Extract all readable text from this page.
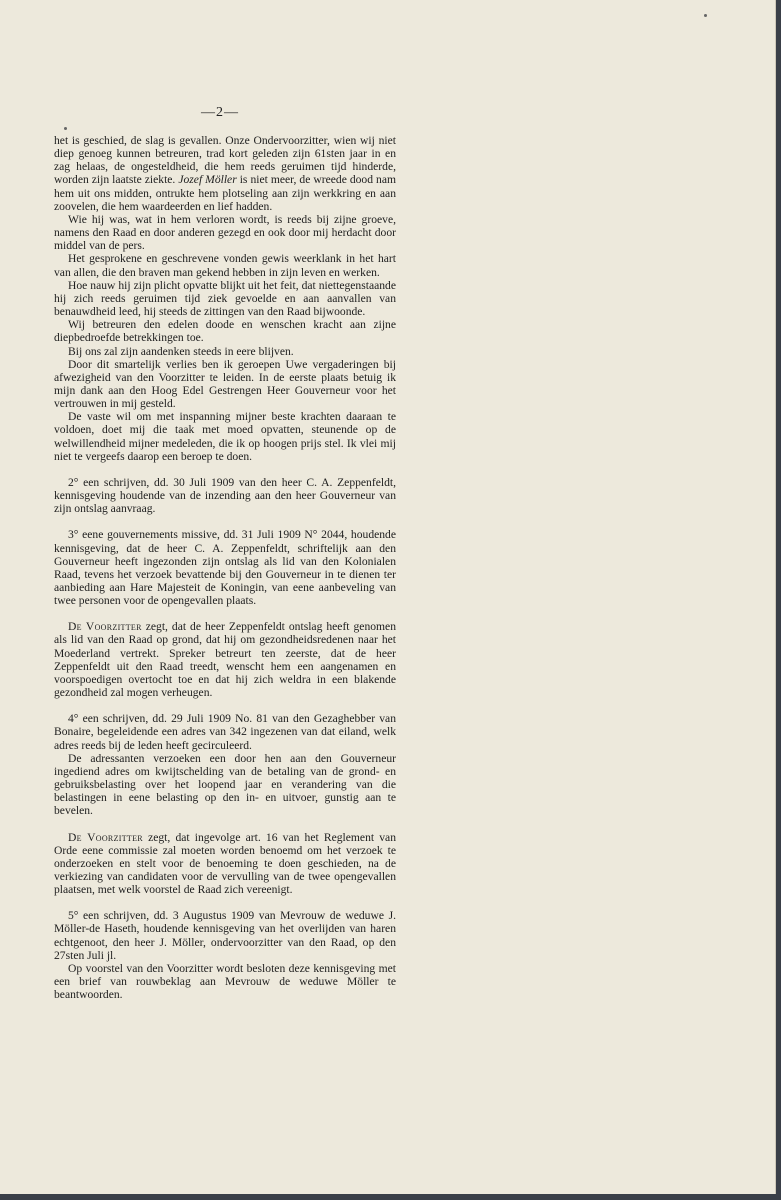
—2—

het is geschied, de slag is gevallen. Onze Ondervoorzitter, wien wij niet diep genoeg kunnen betreuren, trad kort geleden zijn 61sten jaar in en zag helaas, de ongesteldheid, die hem reeds geruimen tijd hinderde, worden zijn laatste ziekte. Jozef Möller is niet meer, de wreede dood nam hem uit ons midden, ontrukte hem plotseling aan zijn werkkring en aan zoovelen, die hem waardeerden en lief hadden.

Wie hij was, wat in hem verloren wordt, is reeds bij zijne groeve, namens den Raad en door anderen gezegd en ook door mij herdacht door middel van de pers.

Het gesprokene en geschrevene vonden gewis weerklank in het hart van allen, die den braven man gekend hebben in zijn leven en werken.

Hoe nauw hij zijn plicht opvatte blijkt uit het feit, dat niettegenstaande hij zich reeds geruimen tijd ziek gevoelde en aan aanvallen van benauwdheid leed, hij steeds de zittingen van den Raad bijwoonde.

Wij betreuren den edelen doode en wenschen kracht aan zijne diepbedroefde betrekkingen toe.

Bij ons zal zijn aandenken steeds in eere blijven.

Door dit smartelijk verlies ben ik geroepen Uwe vergaderingen bij afwezigheid van den Voorzitter te leiden. In de eerste plaats betuig ik mijn dank aan den Hoog Edel Gestrengen Heer Gouverneur voor het vertrouwen in mij gesteld.

De vaste wil om met inspanning mijner beste krachten daaraan te voldoen, doet mij die taak met moed opvatten, steunende op de welwillendheid mijner medeleden, die ik op hoogen prijs stel. Ik vlei mij niet te vergeefs daarop een beroep te doen.

2° een schrijven, dd. 30 Juli 1909 van den heer C. A. Zeppenfeldt, kennisgeving houdende van de inzending aan den heer Gouverneur van zijn ontslag aanvraag.

3° eene gouvernements missive, dd. 31 Juli 1909 N° 2044, houdende kennisgeving, dat de heer C. A. Zeppenfeldt, schriftelijk aan den Gouverneur heeft ingezonden zijn ontslag als lid van den Kolonialen Raad, tevens het verzoek bevattende bij den Gouverneur in te dienen ter aanbieding aan Hare Majesteit de Koningin, van eene aanbeveling van twee personen voor de opengevallen plaats.

De Voorzitter zegt, dat de heer Zeppenfeldt ontslag heeft genomen als lid van den Raad op grond, dat hij om gezondheidsredenen naar het Moederland vertrekt. Spreker betreurt ten zeerste, dat de heer Zeppenfeldt uit den Raad treedt, wenscht hem een aangenamen en voorspoedigen overtocht toe en dat hij zich weldra in een blakende gezondheid zal mogen verheugen.

4° een schrijven, dd. 29 Juli 1909 No. 81 van den Gezaghebber van Bonaire, begeleidende een adres van 342 ingezenen van dat eiland, welk adres reeds bij de leden heeft gecirculeerd.

De adressanten verzoeken een door hen aan den Gouverneur ingediend adres om kwijtschelding van de betaling van de grond- en gebruiksbelasting over het loopend jaar en verandering van die belastingen in eene belasting op den in- en uitvoer, gunstig aan te bevelen.

De Voorzitter zegt, dat ingevolge art. 16 van het Reglement van Orde eene commissie zal moeten worden benoemd om het verzoek te onderzoeken en stelt voor de benoeming te doen geschieden, na de verkiezing van candidaten voor de vervulling van de twee opengevallen plaatsen, met welk voorstel de Raad zich vereenigt.

5° een schrijven, dd. 3 Augustus 1909 van Mevrouw de weduwe J. Möller-de Haseth, houdende kennisgeving van het overlijden van haren echtgenoot, den heer J. Möller, ondervoorzitter van den Raad, op den 27sten Juli jl.

Op voorstel van den Voorzitter wordt besloten deze kennisgeving met een brief van rouwbeklag aan Mevrouw de weduwe Möller te beantwoorden.
